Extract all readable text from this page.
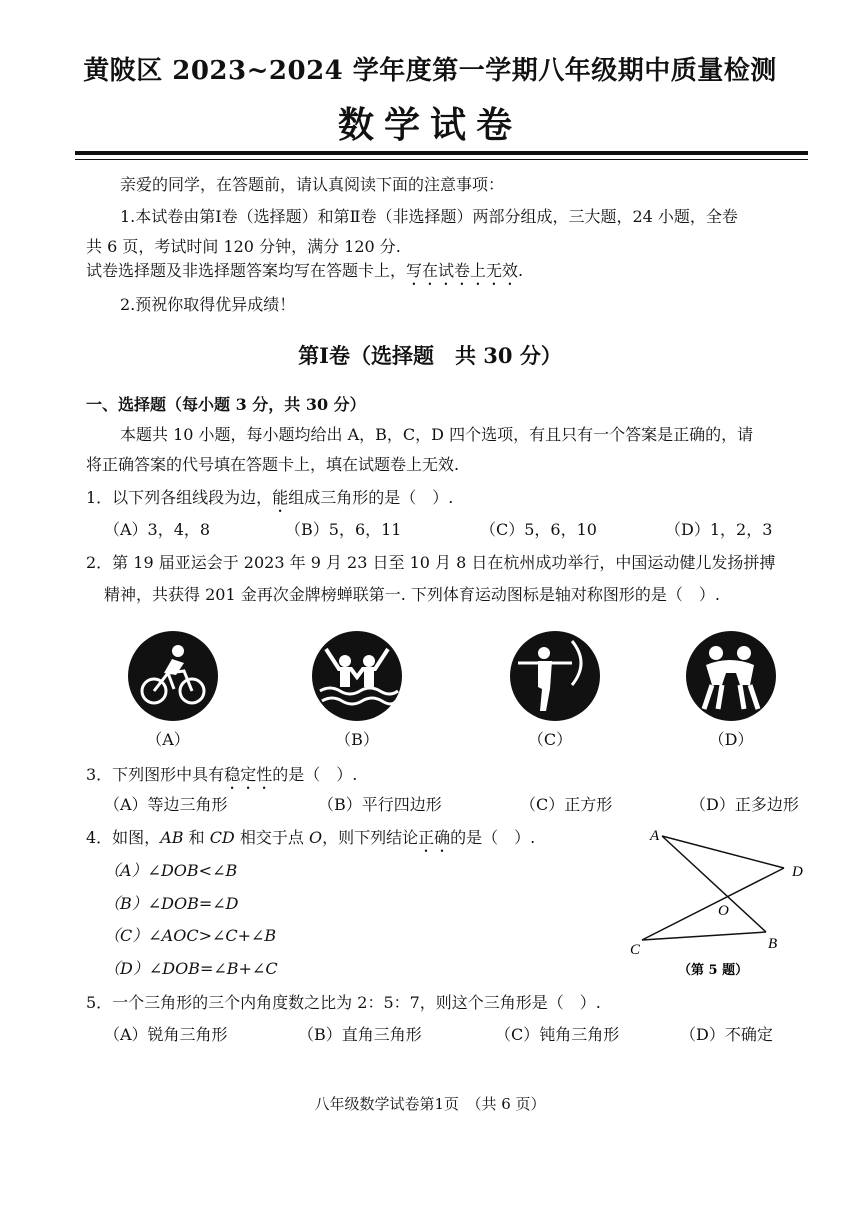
黄陂区 2023~2024 学年度第一学期八年级期中质量检测
数学试卷
亲爱的同学，在答题前，请认真阅读下面的注意事项：
1.本试卷由第Ⅰ卷（选择题）和第Ⅱ卷（非选择题）两部分组成，三大题，24 小题，全卷
共 6 页，考试时间 120 分钟，满分 120 分.
试卷选择题及非选择题答案均写在答题卡上，写在试卷上无效.
2.预祝你取得优异成绩！
第Ⅰ卷（选择题　共 30 分）
一、选择题（每小题 3 分，共 30 分）
本题共 10 小题，每小题均给出 A，B，C，D 四个选项，有且只有一个答案是正确的，请
将正确答案的代号填在答题卡上，填在试题卷上无效.
1．以下列各组线段为边，能组成三角形的是（　）.
（A）3，4，8	（B）5，6，11	（C）5，6，10	（D）1，2，3
2．第 19 届亚运会于 2023 年 9 月 23 日至 10 月 8 日在杭州成功举行，中国运动健儿发扬拼搏
精神，共获得 201 金再次金牌榜蝉联第一. 下列体育运动图标是轴对称图形的是（　）.
（A）	（B）	（C）	（D）
3．下列图形中具有稳定性的是（　）.
（A）等边三角形	（B）平行四边形	（C）正方形	（D）正多边形
4．如图，AB 和 CD 相交于点 O，则下列结论正确的是（　）.
（A）∠DOB<∠B
（B）∠DOB=∠D
（C）∠AOC>∠C+∠B
（D）∠DOB=∠B+∠C
A
D
O
C	B
（第 5 题）
5．一个三角形的三个内角度数之比为 2：5：7，则这个三角形是（　）.
（A）锐角三角形	（B）直角三角形	（C）钝角三角形	（D）不确定
八年级数学试卷第1页　（共 6 页）
